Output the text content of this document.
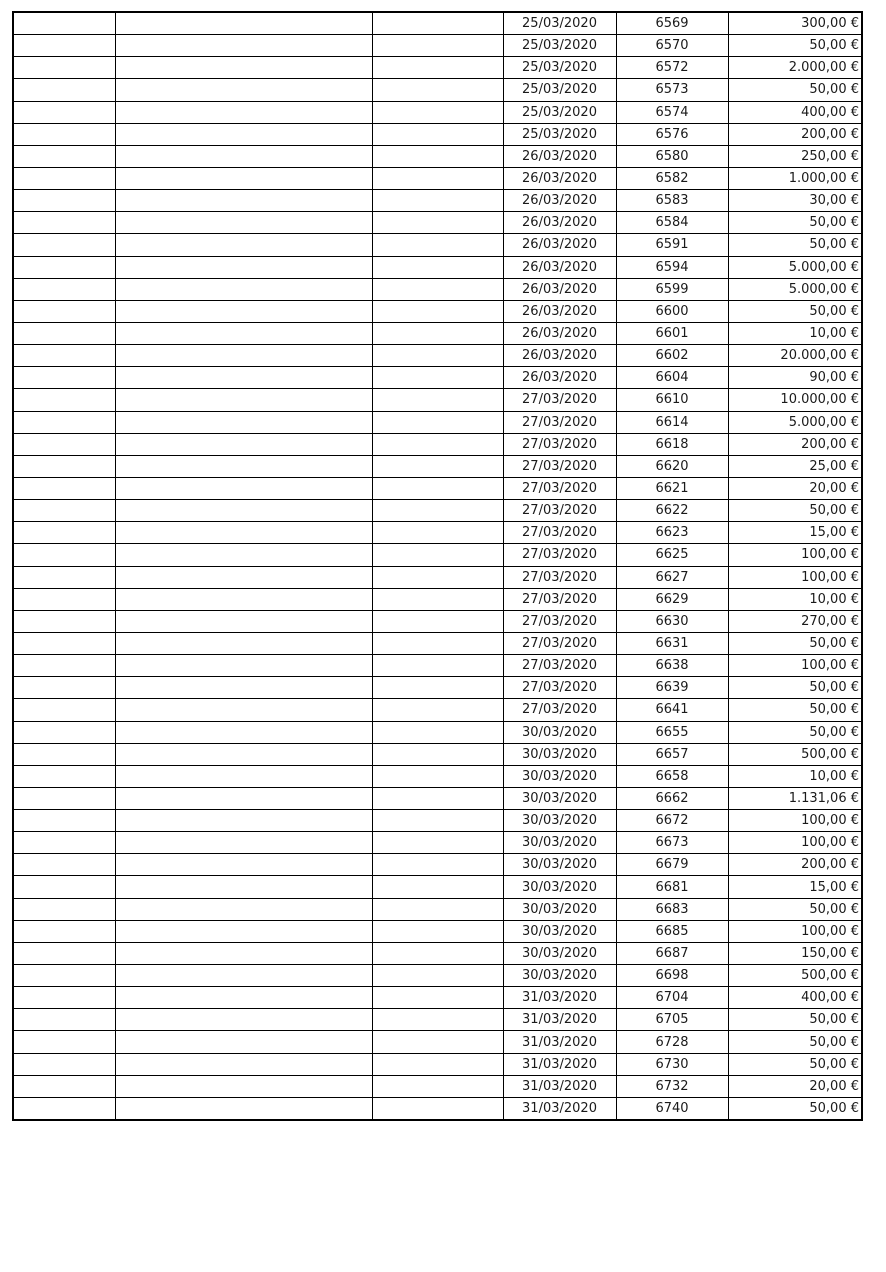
			25/03/2020	6569	300,00 €
			25/03/2020	6570	50,00 €
			25/03/2020	6572	2.000,00 €
			25/03/2020	6573	50,00 €
			25/03/2020	6574	400,00 €
			25/03/2020	6576	200,00 €
			26/03/2020	6580	250,00 €
			26/03/2020	6582	1.000,00 €
			26/03/2020	6583	30,00 €
			26/03/2020	6584	50,00 €
			26/03/2020	6591	50,00 €
			26/03/2020	6594	5.000,00 €
			26/03/2020	6599	5.000,00 €
			26/03/2020	6600	50,00 €
			26/03/2020	6601	10,00 €
			26/03/2020	6602	20.000,00 €
			26/03/2020	6604	90,00 €
			27/03/2020	6610	10.000,00 €
			27/03/2020	6614	5.000,00 €
			27/03/2020	6618	200,00 €
			27/03/2020	6620	25,00 €
			27/03/2020	6621	20,00 €
			27/03/2020	6622	50,00 €
			27/03/2020	6623	15,00 €
			27/03/2020	6625	100,00 €
			27/03/2020	6627	100,00 €
			27/03/2020	6629	10,00 €
			27/03/2020	6630	270,00 €
			27/03/2020	6631	50,00 €
			27/03/2020	6638	100,00 €
			27/03/2020	6639	50,00 €
			27/03/2020	6641	50,00 €
			30/03/2020	6655	50,00 €
			30/03/2020	6657	500,00 €
			30/03/2020	6658	10,00 €
			30/03/2020	6662	1.131,06 €
			30/03/2020	6672	100,00 €
			30/03/2020	6673	100,00 €
			30/03/2020	6679	200,00 €
			30/03/2020	6681	15,00 €
			30/03/2020	6683	50,00 €
			30/03/2020	6685	100,00 €
			30/03/2020	6687	150,00 €
			30/03/2020	6698	500,00 €
			31/03/2020	6704	400,00 €
			31/03/2020	6705	50,00 €
			31/03/2020	6728	50,00 €
			31/03/2020	6730	50,00 €
			31/03/2020	6732	20,00 €
			31/03/2020	6740	50,00 €
